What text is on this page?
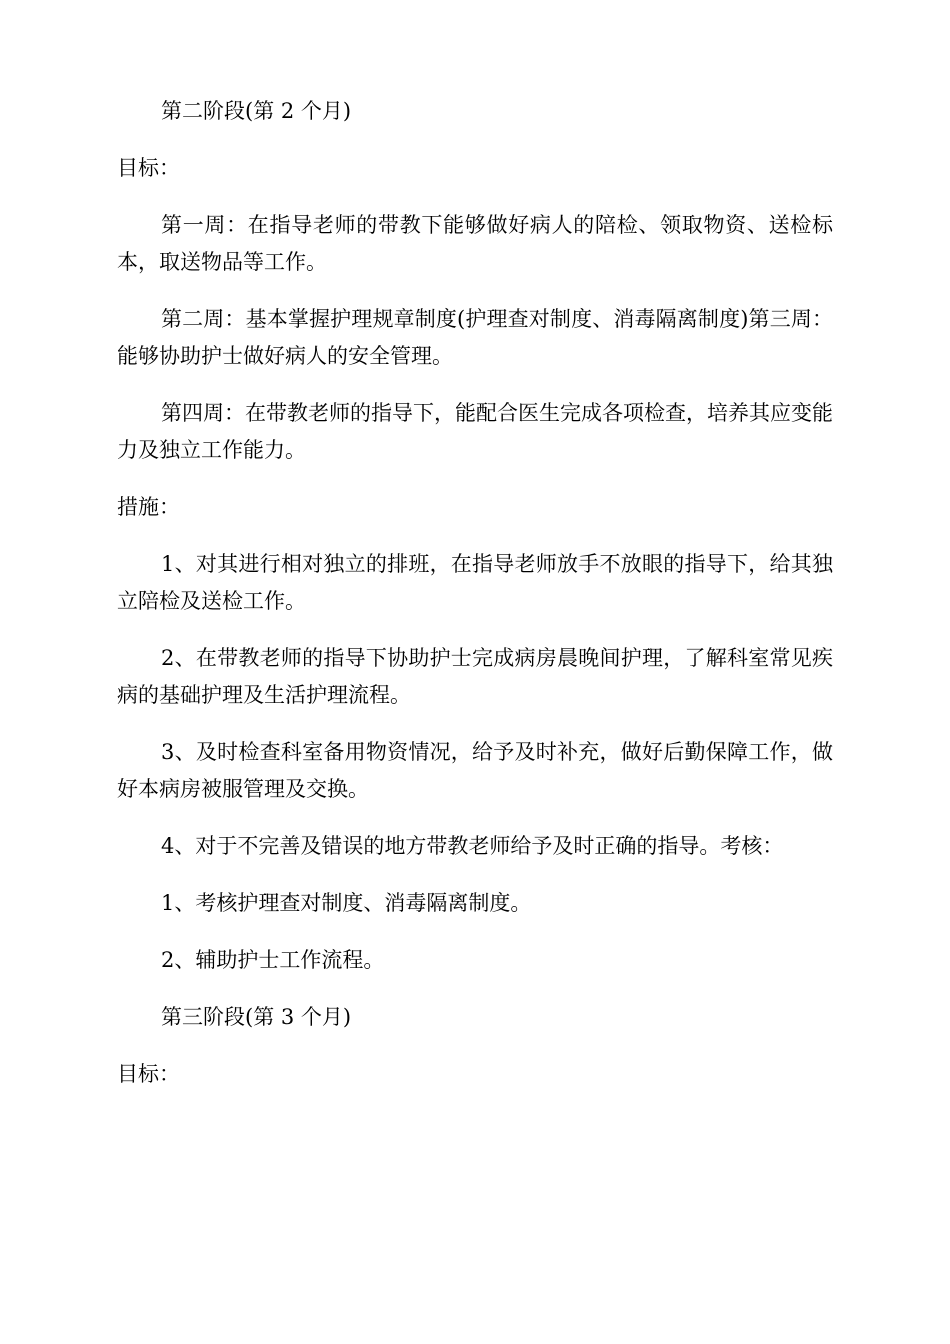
第二阶段(第 2 个月)

目标：

第一周：在指导老师的带教下能够做好病人的陪检、领取物资、送检标本，取送物品等工作。

第二周：基本掌握护理规章制度(护理查对制度、消毒隔离制度)第三周：能够协助护士做好病人的安全管理。

第四周：在带教老师的指导下，能配合医生完成各项检查，培养其应变能力及独立工作能力。

措施：

1、对其进行相对独立的排班，在指导老师放手不放眼的指导下，给其独立陪检及送检工作。

2、在带教老师的指导下协助护士完成病房晨晚间护理，了解科室常见疾病的基础护理及生活护理流程。

3、及时检查科室备用物资情况，给予及时补充，做好后勤保障工作，做好本病房被服管理及交换。

4、对于不完善及错误的地方带教老师给予及时正确的指导。考核：

1、考核护理查对制度、消毒隔离制度。

2、辅助护士工作流程。

第三阶段(第 3 个月)

目标：
